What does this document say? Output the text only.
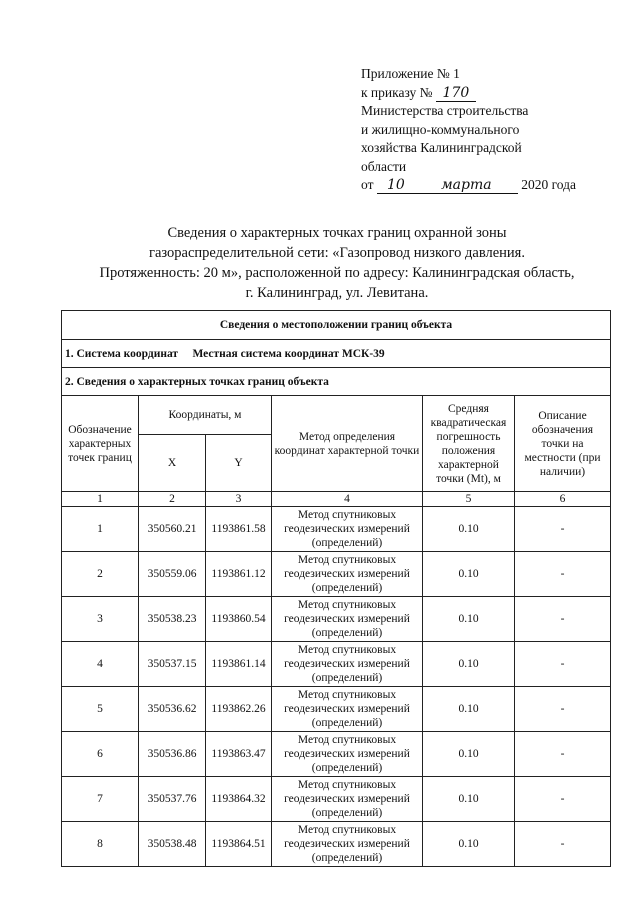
Приложение № 1
к приказу № 170
Министерства строительства
и жилищно-коммунального
хозяйства Калининградской
области
от 10	марта 2020 года
Сведения о характерных точках границ охранной зоны
газораспределительной сети: «Газопровод низкого давления.
Протяженность: 20 м», расположенной по адресу: Калининградская область,
г. Калининград, ул. Левитана.
Сведения о местоположении границ объекта					
1. Система координат Местная система координат МСК-39					
2. Сведения о характерных точках границ объекта					
Обозначение характерных точек границ	Координаты, м		Метод определения координат характерной точки	Средняя квадратическая погрешность положения характерной точки (Mt), м	Описание обозначения точки на местности (при наличии)
	X	Y			
1	2	3	4	5	6
1	350560.21	1193861.58	Метод спутниковых геодезических измерений (определений)	0.10	-
2	350559.06	1193861.12	Метод спутниковых геодезических измерений (определений)	0.10	-
3	350538.23	1193860.54	Метод спутниковых геодезических измерений (определений)	0.10	-
4	350537.15	1193861.14	Метод спутниковых геодезических измерений (определений)	0.10	-
5	350536.62	1193862.26	Метод спутниковых геодезических измерений (определений)	0.10	-
6	350536.86	1193863.47	Метод спутниковых геодезических измерений (определений)	0.10	-
7	350537.76	1193864.32	Метод спутниковых геодезических измерений (определений)	0.10	-
8	350538.48	1193864.51	Метод спутниковых геодезических измерений (определений)	0.10	-
